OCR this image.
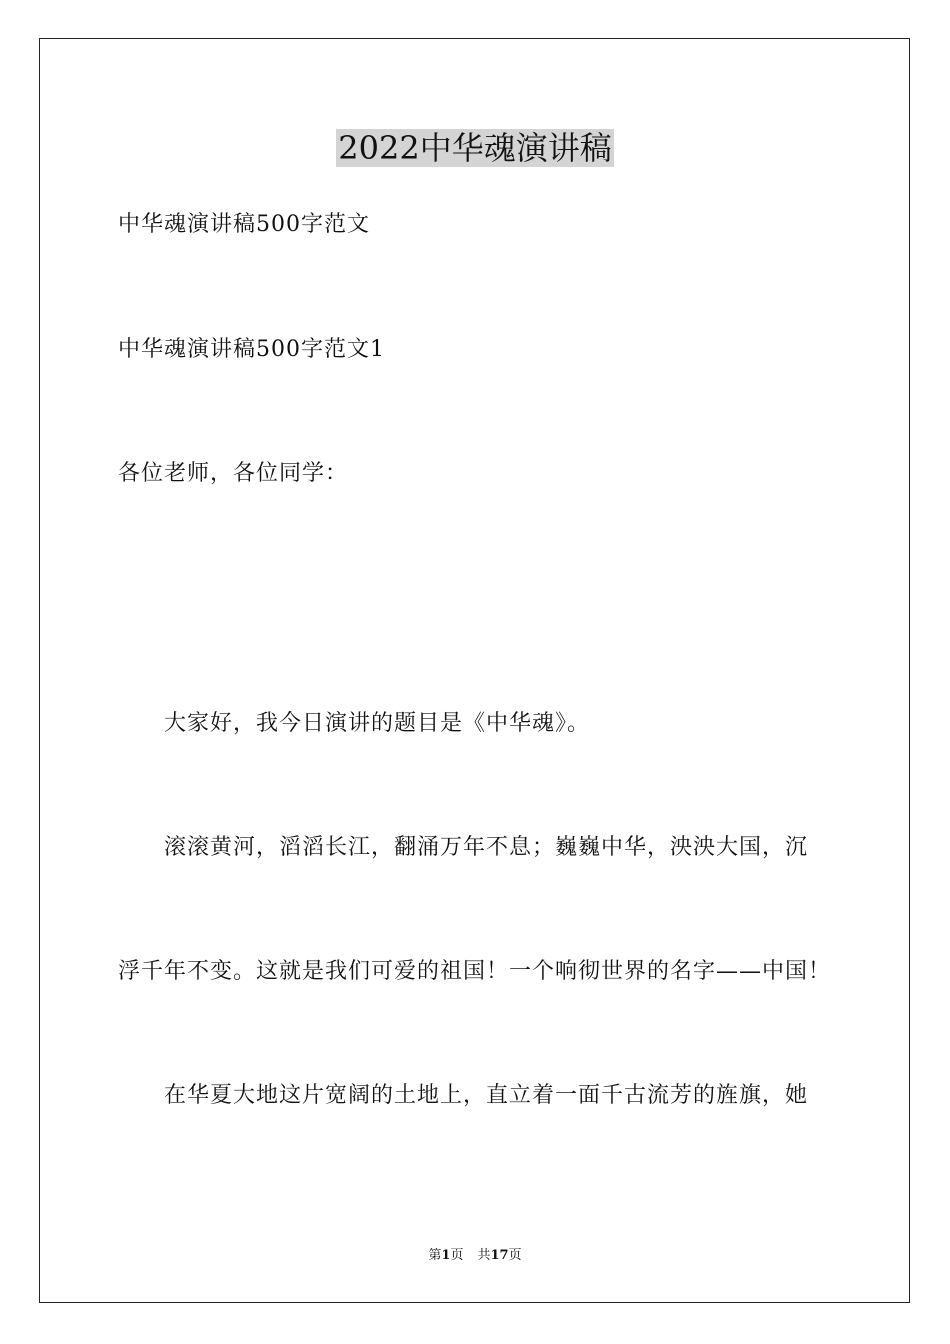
2022中华魂演讲稿
中华魂演讲稿500字范文
中华魂演讲稿500字范文1
各位老师，各位同学：
大家好，我今日演讲的题目是《中华魂》。
滚滚黄河，滔滔长江，翻涌万年不息；巍巍中华，泱泱大国，沉
浮千年不变。这就是我们可爱的祖国！一个响彻世界的名字——中国！
在华夏大地这片宽阔的土地上，直立着一面千古流芳的旌旗，她
第1页 共17页
